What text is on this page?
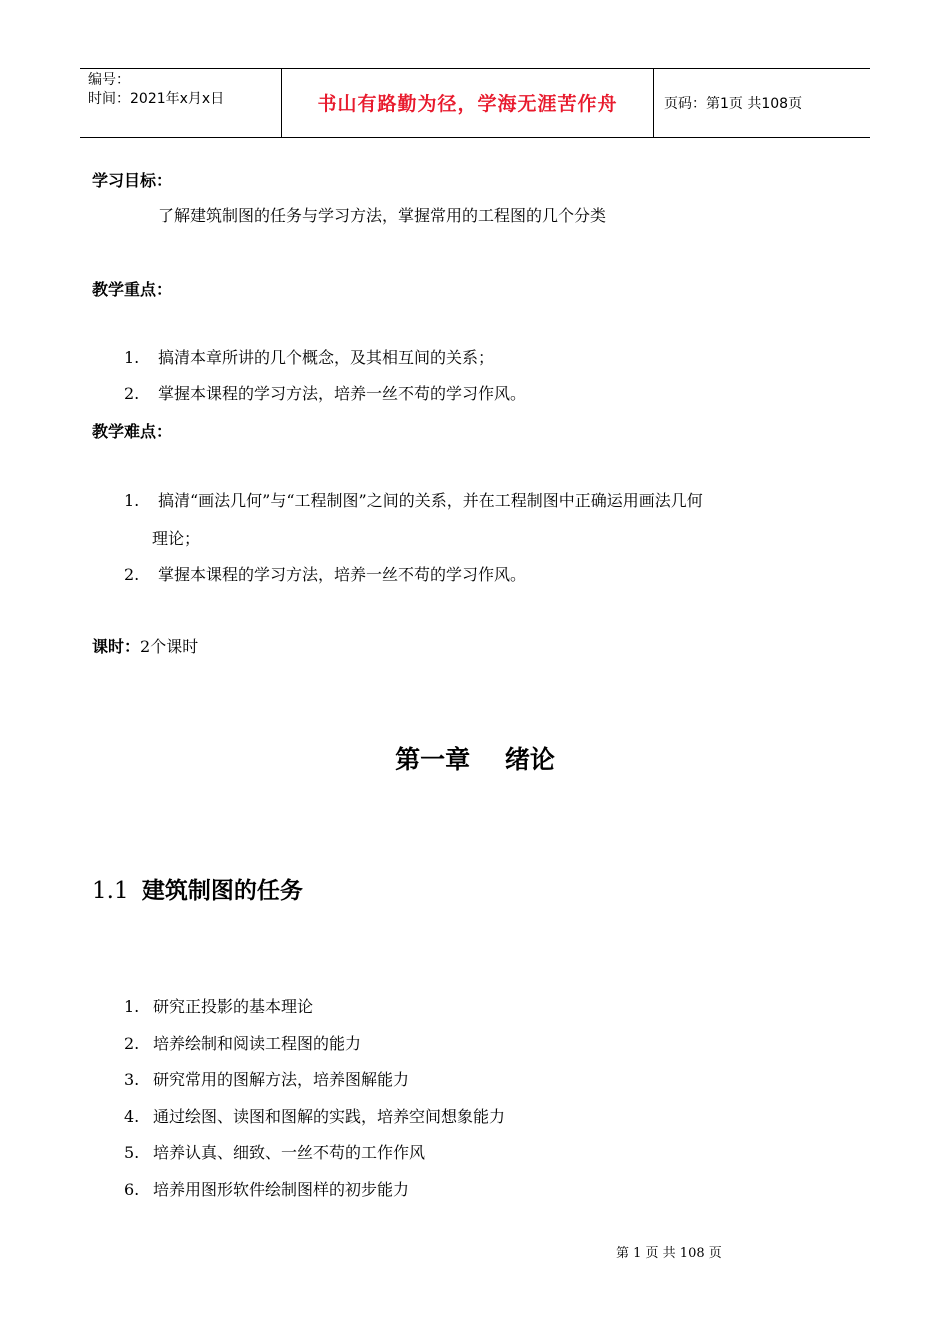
编号：
时间：2021年x月x日	书山有路勤为径，学海无涯苦作舟	页码：第1页 共108页
学习目标：
了解建筑制图的任务与学习方法，掌握常用的工程图的几个分类
教学重点：
1. 搞清本章所讲的几个概念，及其相互间的关系；
2. 掌握本课程的学习方法，培养一丝不苟的学习作风。
教学难点：
1. 搞清“画法几何”与“工程制图”之间的关系，并在工程制图中正确运用画法几何
理论；
2. 掌握本课程的学习方法，培养一丝不苟的学习作风。
课时：2个课时
第一章    绪论
1.1 建筑制图的任务
1. 研究正投影的基本理论
2. 培养绘制和阅读工程图的能力
3. 研究常用的图解方法，培养图解能力
4. 通过绘图、读图和图解的实践，培养空间想象能力
5. 培养认真、细致、一丝不苟的工作作风
6. 培养用图形软件绘制图样的初步能力
第 1 页 共 108 页
